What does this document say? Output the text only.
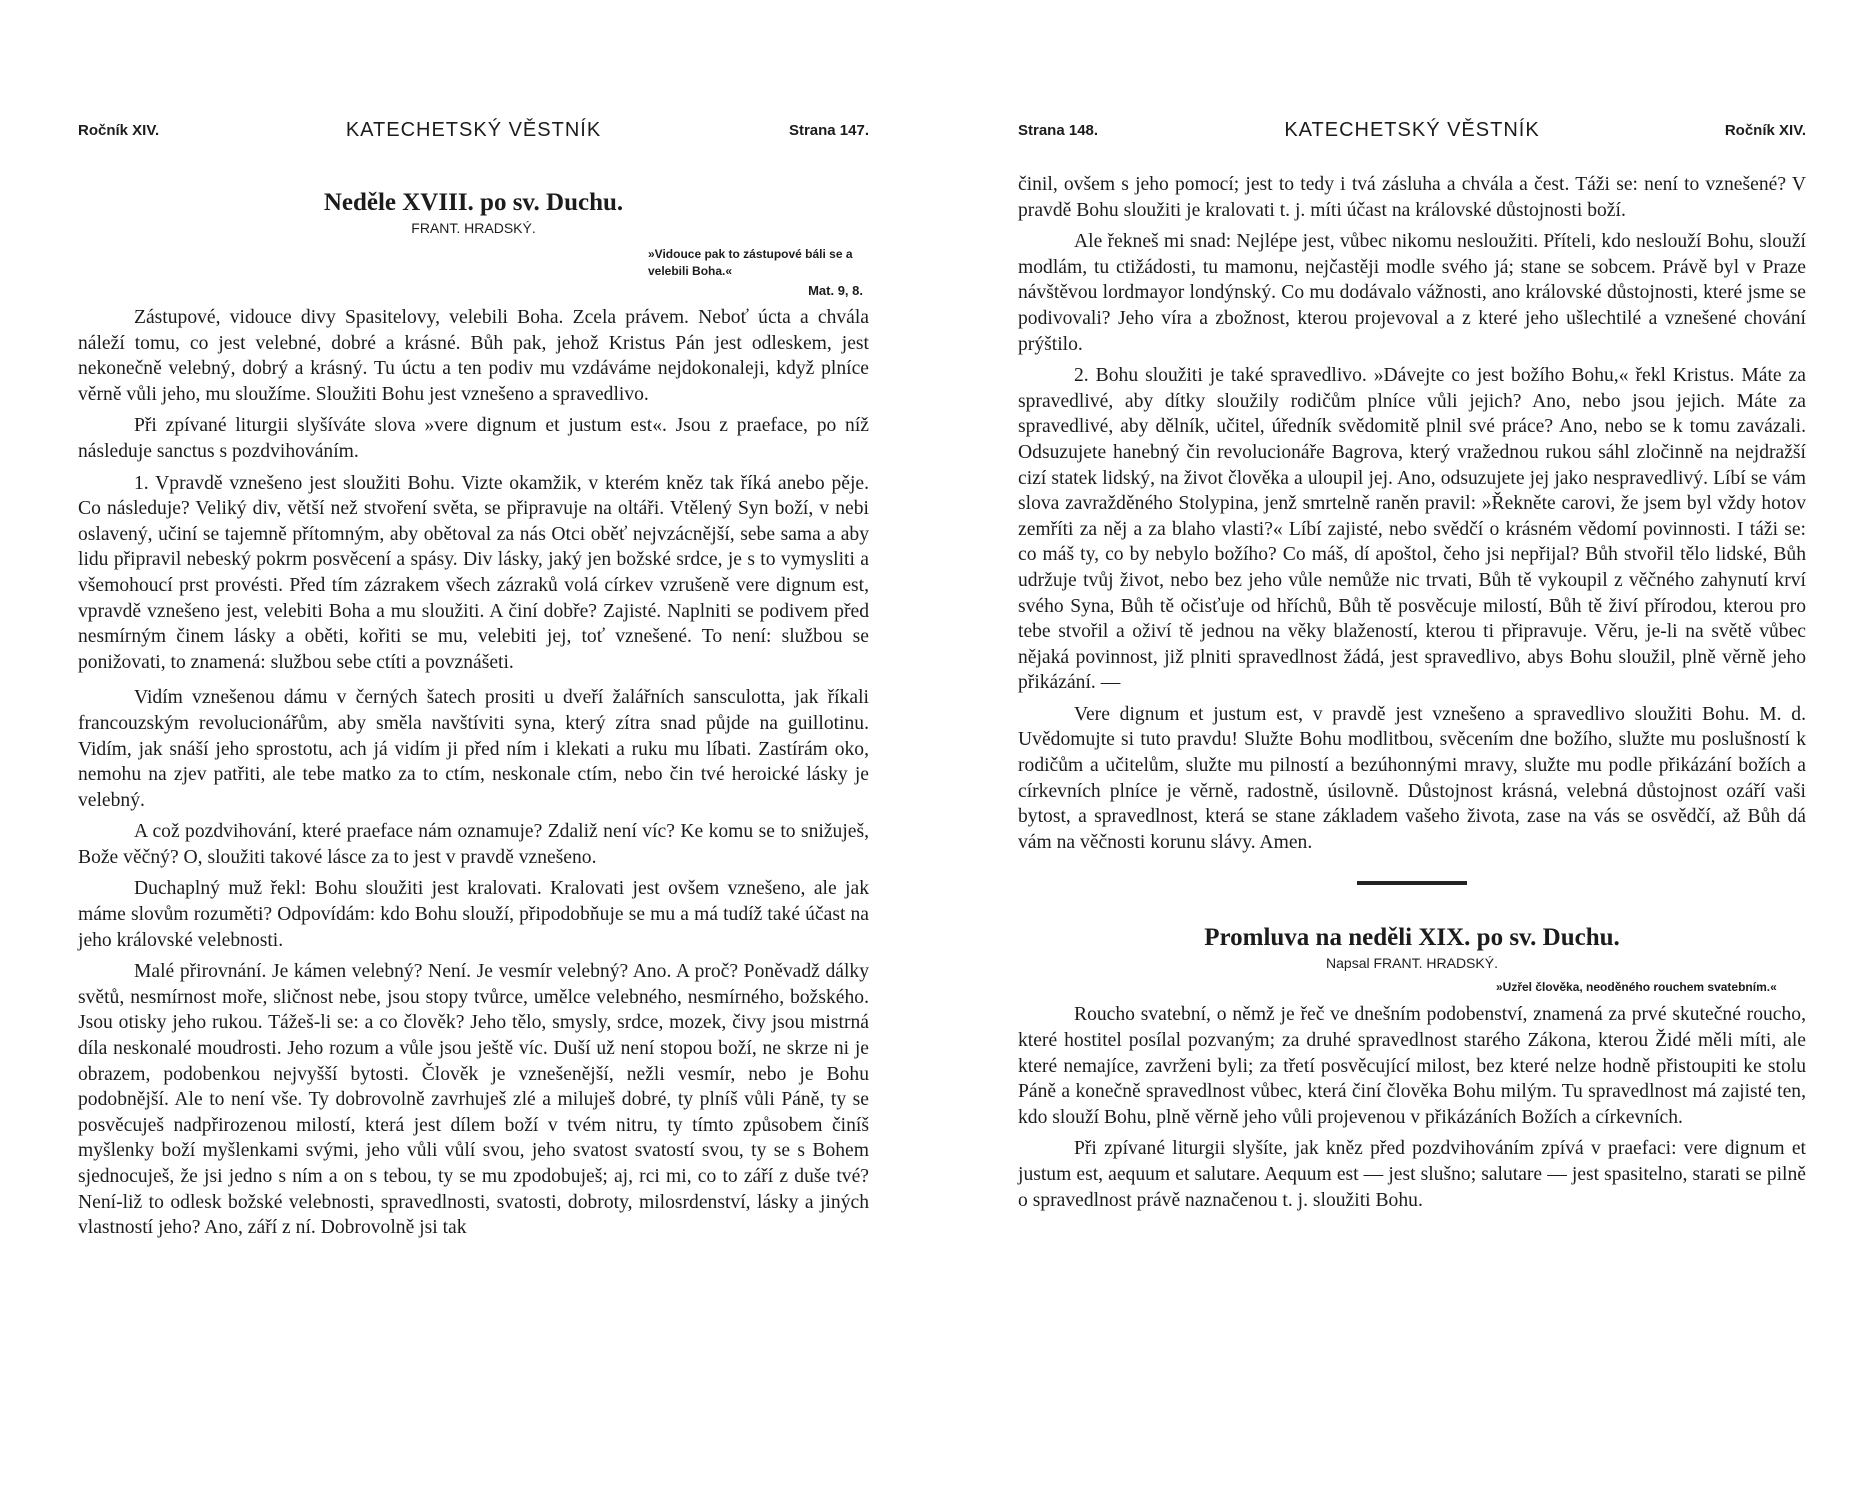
Ročník XIV.	KATECHETSKÝ VĚSTNÍK	Strana 147.
Neděle XVIII. po sv. Duchu.
FRANT. HRADSKÝ.
»Vidouce pak to zástupové báli se a velebili Boha.«
Mat. 9, 8.

Zástupové, vidouce divy Spasitelovy, velebili Boha. Zcela právem. Neboť úcta a chvála náleží tomu, co jest velebné, dobré a krásné. Bůh pak, jehož Kristus Pán jest odleskem, jest nekonečně velebný, dobrý a krásný. Tu úctu a ten podiv mu vzdáváme nejdokonaleji, když plníce věrně vůli jeho, mu sloužíme. Sloužiti Bohu jest vznešeno a spravedlivo.

Při zpívané liturgii slyšíváte slova »vere dignum et justum est«. Jsou z praeface, po níž následuje sanctus s pozdvihováním.

1. Vpravdě vznešeno jest sloužiti Bohu. Vizte okamžik, v kterém kněz tak říká anebo pěje. Co následuje? Veliký div, větší než stvoření světa, se připravuje na oltáři. Vtělený Syn boží, v nebi oslavený, učiní se tajemně přítomným, aby obětoval za nás Otci oběť nejvzácnější, sebe sama a aby lidu připravil nebeský pokrm posvěcení a spásy. Div lásky, jaký jen božské srdce, je s to vymysliti a všemohoucí prst provésti. Před tím zázrakem všech zázraků volá církev vzrušeně vere dignum est, vpravdě vznešeno jest, velebiti Boha a mu sloužiti. A činí dobře? Zajisté. Naplniti se podivem před nesmírným činem lásky a oběti, kořiti se mu, velebiti jej, toť vznešené. To není: službou se ponižovati, to znamená: službou sebe ctíti a povznášeti.

Vidím vznešenou dámu v černých šatech prositi u dveří žalářních sansculotta, jak říkali francouzským revolucionářům, aby směla navštíviti syna, který zítra snad půjde na guillotinu. Vidím, jak snáší jeho sprostotu, ach já vidím ji před ním i klekati a ruku mu líbati. Zastírám oko, nemohu na zjev patřiti, ale tebe matko za to ctím, neskonale ctím, nebo čin tvé heroické lásky je velebný.

A což pozdvihování, které praeface nám oznamuje? Zdaliž není víc? Ke komu se to snižuješ, Bože věčný? O, sloužiti takové lásce za to jest v pravdě vznešeno.

Duchaplný muž řekl: Bohu sloužiti jest kralovati. Kralovati jest ovšem vznešeno, ale jak máme slovům rozuměti? Odpovídám: kdo Bohu slouží, připodobňuje se mu a má tudíž také účast na jeho královské velebnosti.

Malé přirovnání. Je kámen velebný? Není. Je vesmír velebný? Ano. A proč? Poněvadž dálky světů, nesmírnost moře, sličnost nebe, jsou stopy tvůrce, umělce velebného, nesmírného, božského. Jsou otisky jeho rukou. Tážeš-li se: a co člověk? Jeho tělo, smysly, srdce, mozek, čivy jsou mistrná díla neskonalé moudrosti. Jeho rozum a vůle jsou ještě víc. Duší už není stopou boží, ne skrze ni je obrazem, podobenkou nejvyšší bytosti. Člověk je vznešenější, nežli vesmír, nebo je Bohu podobnější. Ale to není vše. Ty dobrovolně zavrhuješ zlé a miluješ dobré, ty plníš vůli Páně, ty se posvěcuješ nadpřirozenou milostí, která jest dílem boží v tvém nitru, ty tímto způsobem činíš myšlenky boží myšlenkami svými, jeho vůli vůlí svou, jeho svatost svatostí svou, ty se s Bohem sjednocuješ, že jsi jedno s ním a on s tebou, ty se mu zpodobuješ; aj, rci mi, co to září z duše tvé? Není-liž to odlesk božské velebnosti, spravedlnosti, svatosti, dobroty, milosrdenství, lásky a jiných vlastností jeho? Ano, září z ní. Dobrovolně jsi tak

Strana 148.	KATECHETSKÝ VĚSTNÍK	Ročník XIV.

činil, ovšem s jeho pomocí; jest to tedy i tvá zásluha a chvála a čest. Táži se: není to vznešené? V pravdě Bohu sloužiti je kralovati t. j. míti účast na královské důstojnosti boží.

Ale řekneš mi snad: Nejlépe jest, vůbec nikomu nesloužiti. Příteli, kdo neslouží Bohu, slouží modlám, tu ctižádosti, tu mamonu, nejčastěji modle svého já; stane se sobcem. Právě byl v Praze návštěvou lordmayor londýnský. Co mu dodávalo vážnosti, ano královské důstojnosti, které jsme se podivovali? Jeho víra a zbožnost, kterou projevoval a z které jeho ušlechtilé a vznešené chování prýštilo.

2. Bohu sloužiti je také spravedlivo. »Dávejte co jest božího Bohu,« řekl Kristus. Máte za spravedlivé, aby dítky sloužily rodičům plníce vůli jejich? Ano, nebo jsou jejich. Máte za spravedlivé, aby dělník, učitel, úředník svědomitě plnil své práce? Ano, nebo se k tomu zavázali. Odsuzujete hanebný čin revolucionáře Bagrova, který vražednou rukou sáhl zločinně na nejdražší cizí statek lidský, na život člověka a uloupil jej. Ano, odsuzujete jej jako nespravedlivý. Líbí se vám slova zavražděného Stolypina, jenž smrtelně raněn pravil: »Řekněte carovi, že jsem byl vždy hotov zemříti za něj a za blaho vlasti?« Líbí zajisté, nebo svědčí o krásném vědomí povinnosti. I táži se: co máš ty, co by nebylo božího? Co máš, dí apoštol, čeho jsi nepřijal? Bůh stvořil tělo lidské, Bůh udržuje tvůj život, nebo bez jeho vůle nemůže nic trvati, Bůh tě vykoupil z věčného zahynutí krví svého Syna, Bůh tě očisťuje od hříchů, Bůh tě posvěcuje milostí, Bůh tě živí přírodou, kterou pro tebe stvořil a oživí tě jednou na věky blažeností, kterou ti připravuje. Věru, je-li na světě vůbec nějaká povinnost, již plniti spravedlnost žádá, jest spravedlivo, abys Bohu sloužil, plně věrně jeho přikázání. —

Vere dignum et justum est, v pravdě jest vznešeno a spravedlivo sloužiti Bohu. M. d. Uvědomujte si tuto pravdu! Služte Bohu modlitbou, svěcením dne božího, služte mu poslušností k rodičům a učitelům, služte mu pilností a bezúhonnými mravy, služte mu podle přikázání božích a církevních plníce je věrně, radostně, úsilovně. Důstojnost krásná, velebná důstojnost ozáří vaši bytost, a spravedlnost, která se stane základem vašeho života, zase na vás se osvědčí, až Bůh dá vám na věčnosti korunu slávy. Amen.

Promluva na neděli XIX. po sv. Duchu.
Napsal FRANT. HRADSKÝ.
»Uzřel člověka, neoděného rouchem svatebním.«

Roucho svatební, o němž je řeč ve dnešním podobenství, znamená za prvé skutečné roucho, které hostitel posílal pozvaným; za druhé spravedlnost starého Zákona, kterou Židé měli míti, ale které nemajíce, zavrženi byli; za třetí posvěcující milost, bez které nelze hodně přistoupiti ke stolu Páně a konečně spravedlnost vůbec, která činí člověka Bohu milým. Tu spravedlnost má zajisté ten, kdo slouží Bohu, plně věrně jeho vůli projevenou v přikázáních Božích a církevních.

Při zpívané liturgii slyšíte, jak kněz před pozdvihováním zpívá v praefaci: vere dignum et justum est, aequum et salutare. Aequum est — jest slušno; salutare — jest spasitelno, starati se pilně o spravedlnost právě naznačenou t. j. sloužiti Bohu.
